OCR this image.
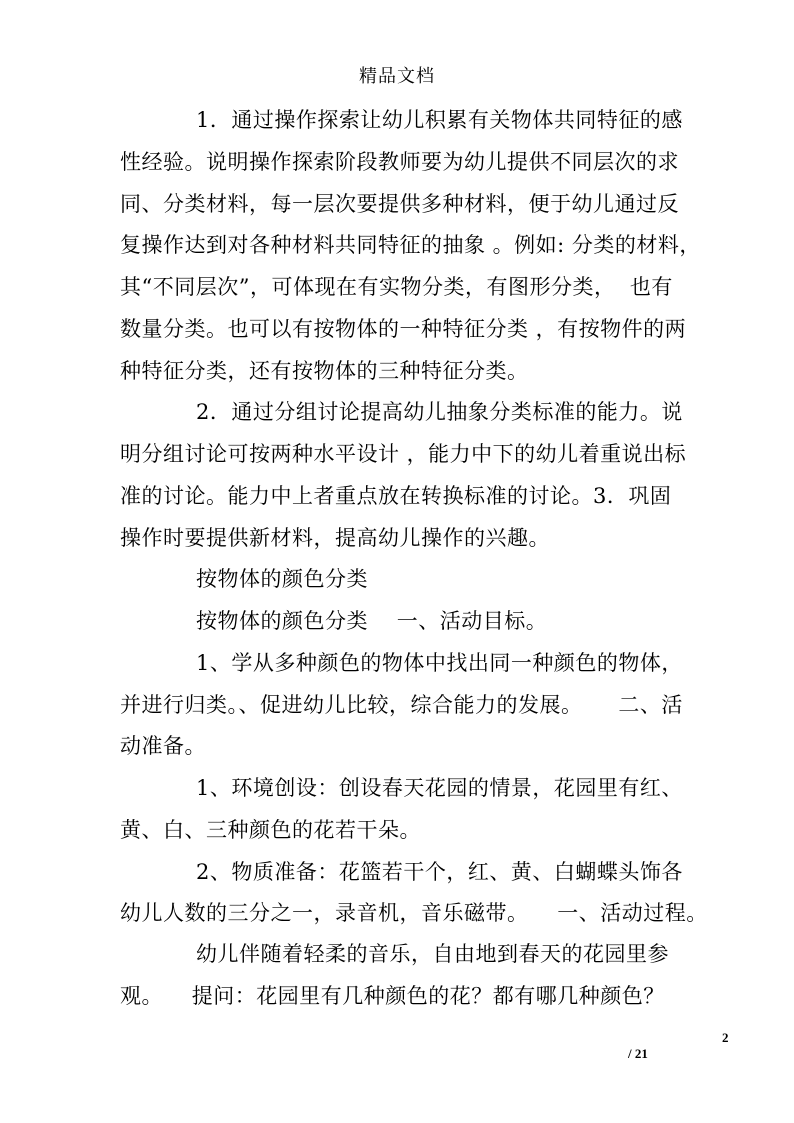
精品文档
1．通过操作探索让幼儿积累有关物体共同特征的感
性经验。说明操作探索阶段教师要为幼儿提供不同层次的求
同、分类材料，每一层次要提供多种材料，便于幼儿通过反
复操作达到对各种材料共同特征的抽象 。例如: 分类的材料，
其“不同层次”，可体现在有实物分类，有图形分类，  也有
数量分类。也可以有按物体的一种特征分类 ，有按物件的两
种特征分类，还有按物体的三种特征分类。
2．通过分组讨论提高幼儿抽象分类标准的能力。说
明分组讨论可按两种水平设计 ，能力中下的幼儿着重说出标
准的讨论。能力中上者重点放在转换标准的讨论。3．巩固
操作时要提供新材料，提高幼儿操作的兴趣。
按物体的颜色分类
按物体的颜色分类    一、活动目标。
1、学从多种颜色的物体中找出同一种颜色的物体，
并进行归类。、促进幼儿比较，综合能力的发展。     二、活
动准备。
1、环境创设：创设春天花园的情景，花园里有红、
黄、白、三种颜色的花若干朵。
2、物质准备：花篮若干个，红、黄、白蝴蝶头饰各
幼儿人数的三分之一，录音机，音乐磁带。    一、活动过程。
幼儿伴随着轻柔的音乐，自由地到春天的花园里参
观。    提问：花园里有几种颜色的花？都有哪几种颜色？
2
/ 21
